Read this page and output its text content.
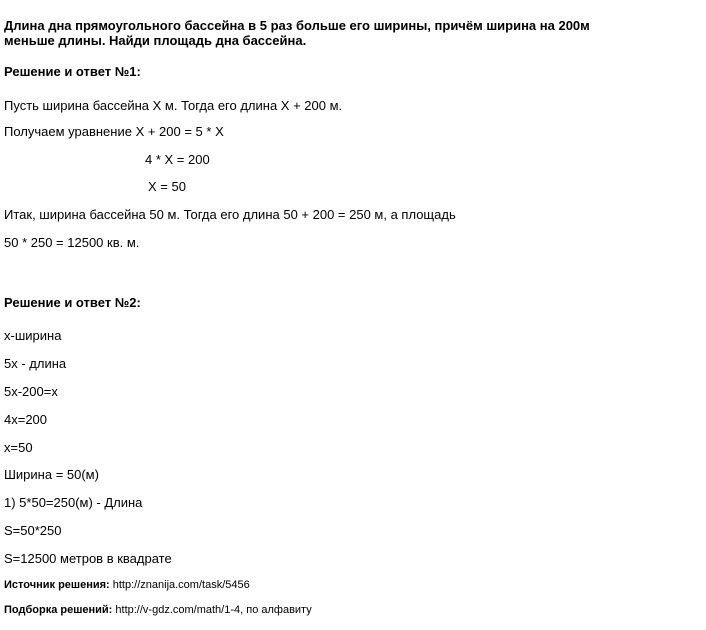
Длина дна прямоугольного бассейна в 5 раз больше его ширины, причём ширина на 200м
меньше длины. Найди площадь дна бассейна.
Решение и ответ №1:
Пусть ширина бассейна Х м. Тогда его длина Х + 200 м.
Получаем уравнение Х + 200 = 5 * Х
4 * Х = 200
Х = 50
Итак, ширина бассейна 50 м. Тогда его длина 50 + 200 = 250 м, а площадь
50 * 250 = 12500 кв. м.
Решение и ответ №2:
х-ширина
5х - длина
5х-200=х
4х=200
х=50
Ширина = 50(м)
1) 5*50=250(м) - Длина
S=50*250
S=12500 метров в квадрате
Источник решения: http://znanija.com/task/5456
Подборка решений: http://v-gdz.com/math/1-4, по алфавиту
